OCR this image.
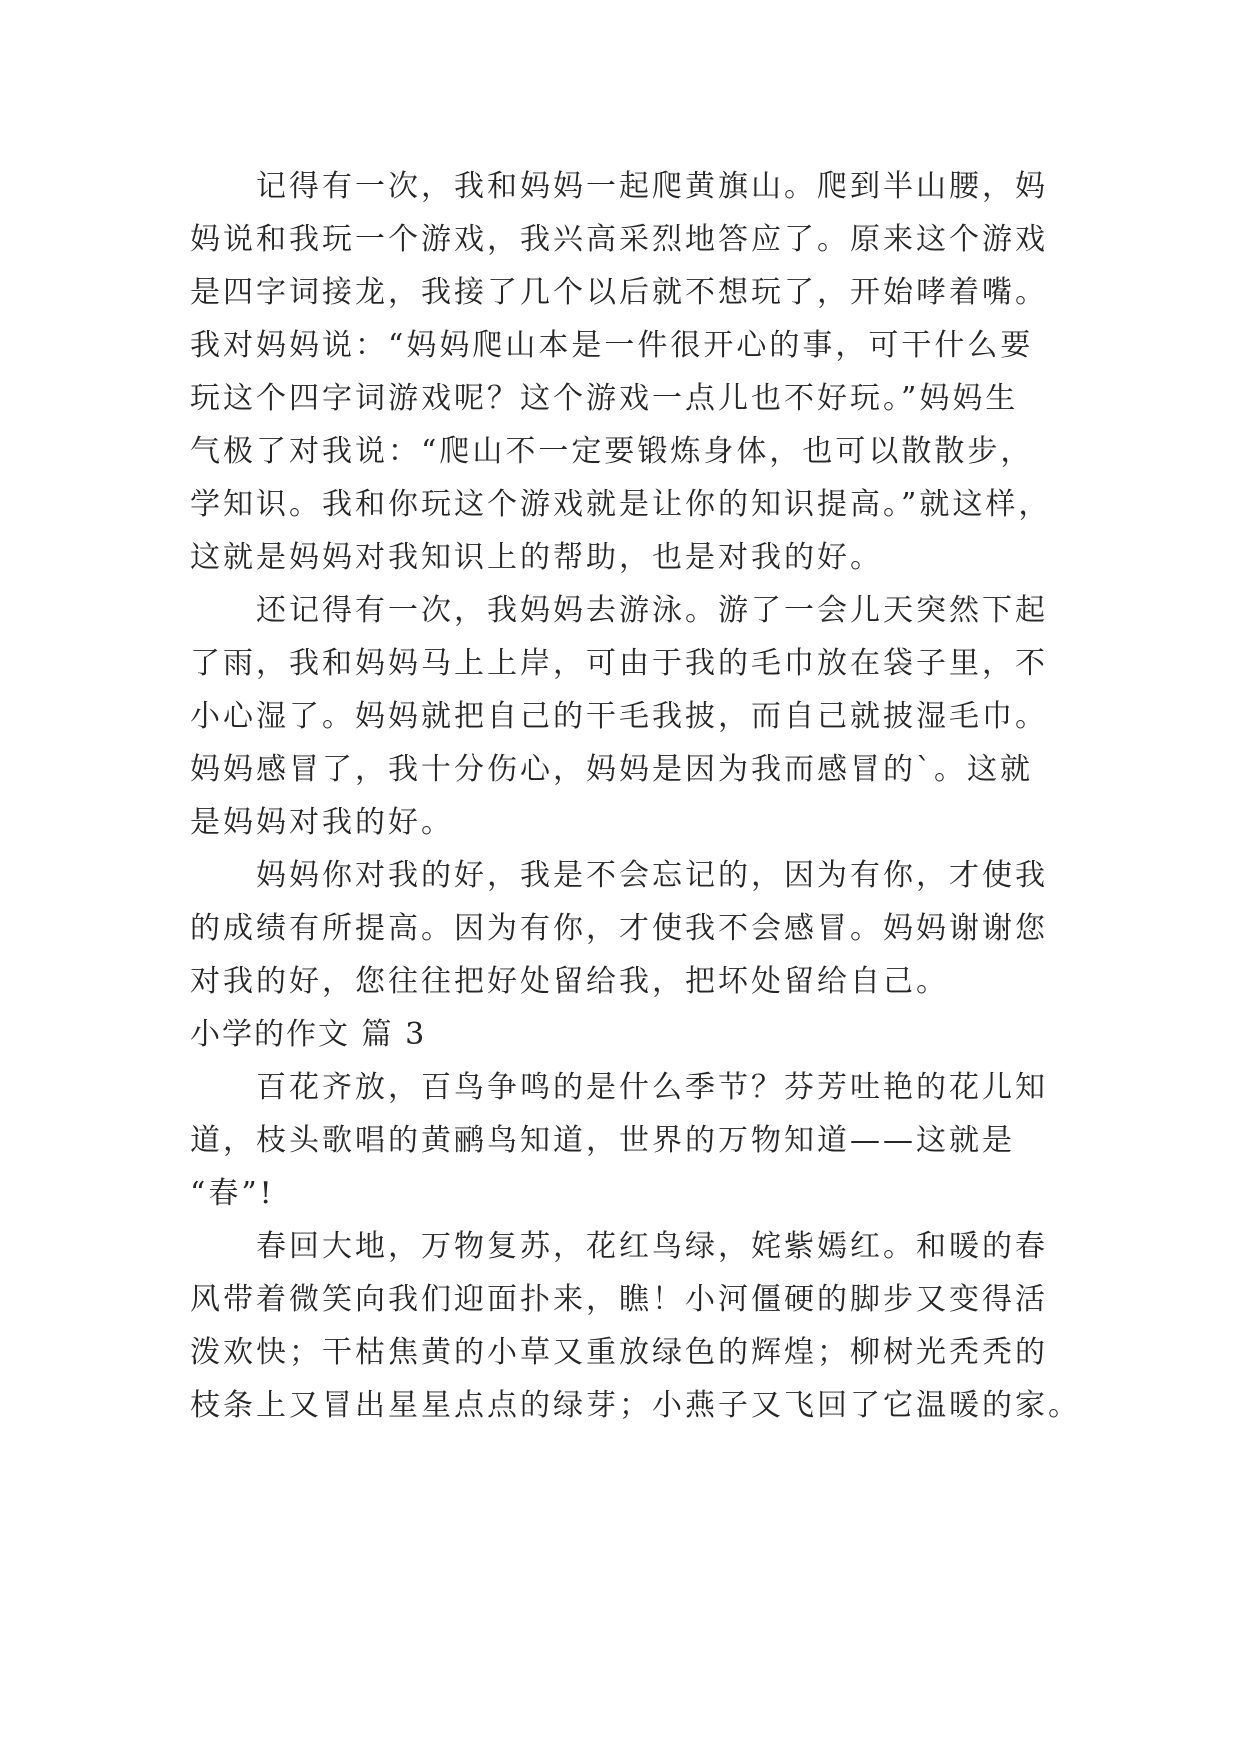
记得有一次，我和妈妈一起爬黄旗山。爬到半山腰，妈
妈说和我玩一个游戏，我兴高采烈地答应了。原来这个游戏
是四字词接龙，我接了几个以后就不想玩了，开始哮着嘴。
我对妈妈说：“妈妈爬山本是一件很开心的事，可干什么要
玩这个四字词游戏呢？这个游戏一点儿也不好玩。”妈妈生
气极了对我说：“爬山不一定要锻炼身体，也可以散散步，
学知识。我和你玩这个游戏就是让你的知识提高。”就这样，
这就是妈妈对我知识上的帮助，也是对我的好。
还记得有一次，我妈妈去游泳。游了一会儿天突然下起
了雨，我和妈妈马上上岸，可由于我的毛巾放在袋子里，不
小心湿了。妈妈就把自己的干毛我披，而自己就披湿毛巾。
妈妈感冒了，我十分伤心，妈妈是因为我而感冒的`。这就
是妈妈对我的好。
妈妈你对我的好，我是不会忘记的，因为有你，才使我
的成绩有所提高。因为有你，才使我不会感冒。妈妈谢谢您
对我的好，您往往把好处留给我，把坏处留给自己。
小学的作文 篇 3
百花齐放，百鸟争鸣的是什么季节？芬芳吐艳的花儿知
道，枝头歌唱的黄鹂鸟知道，世界的万物知道——这就是
“春”!
春回大地，万物复苏，花红鸟绿，姹紫嫣红。和暖的春
风带着微笑向我们迎面扑来，瞧！小河僵硬的脚步又变得活
泼欢快；干枯焦黄的小草又重放绿色的辉煌；柳树光秃秃的
枝条上又冒出星星点点的绿芽；小燕子又飞回了它温暖的家。
